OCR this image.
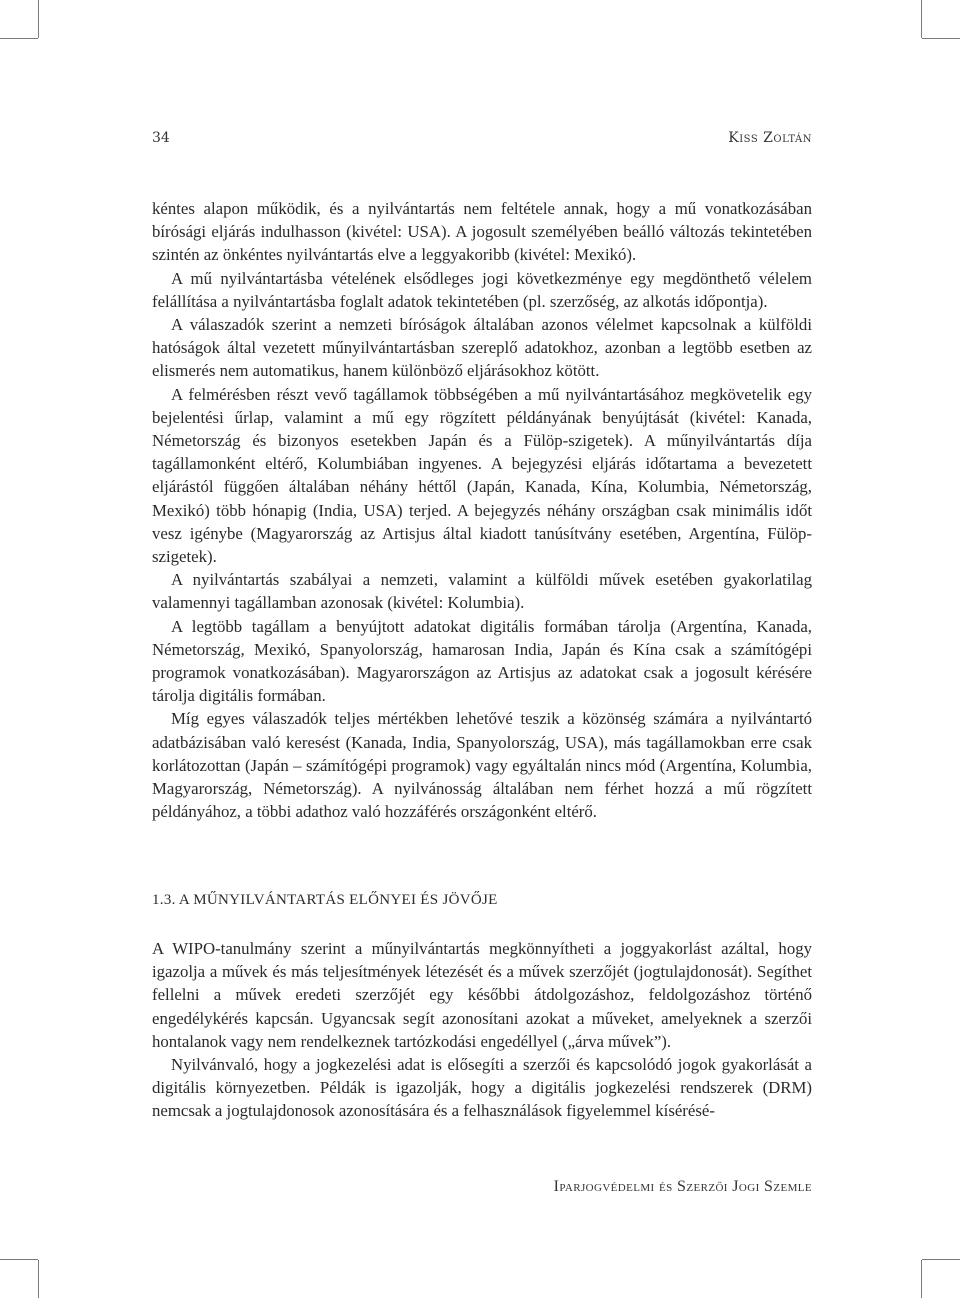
34	Kiss Zoltán

kéntes alapon működik, és a nyilvántartás nem feltétele annak, hogy a mű vonatkozásában bírósági eljárás indulhasson (kivétel: USA). A jogosult személyében beálló változás tekintetében szintén az önkéntes nyilvántartás elve a leggyakoribb (kivétel: Mexikó).

A mű nyilvántartásba vételének elsődleges jogi következménye egy megdönthető vélelem felállítása a nyilvántartásba foglalt adatok tekintetében (pl. szerzőség, az alkotás időpontja).

A válaszadók szerint a nemzeti bíróságok általában azonos vélelmet kapcsolnak a külföldi hatóságok által vezetett műnyilvántartásban szereplő adatokhoz, azonban a legtöbb esetben az elismerés nem automatikus, hanem különböző eljárásokhoz kötött.

A felmérésben részt vevő tagállamok többségében a mű nyilvántartásához megkövetelik egy bejelentési űrlap, valamint a mű egy rögzített példányának benyújtását (kivétel: Kanada, Németország és bizonyos esetekben Japán és a Fülöp-szigetek). A műnyilvántartás díja tagállamonként eltérő, Kolumbiában ingyenes. A bejegyzési eljárás időtartama a bevezetett eljárástól függően általában néhány héttől (Japán, Kanada, Kína, Kolumbia, Németország, Mexikó) több hónapig (India, USA) terjed. A bejegyzés néhány országban csak minimális időt vesz igénybe (Magyarország az Artisjus által kiadott tanúsítvány esetében, Argentína, Fülöp-szigetek).

A nyilvántartás szabályai a nemzeti, valamint a külföldi művek esetében gyakorlatilag valamennyi tagállamban azonosak (kivétel: Kolumbia).

A legtöbb tagállam a benyújtott adatokat digitális formában tárolja (Argentína, Kanada, Németország, Mexikó, Spanyolország, hamarosan India, Japán és Kína csak a számítógépi programok vonatkozásában). Magyarországon az Artisjus az adatokat csak a jogosult kérésére tárolja digitális formában.

Míg egyes válaszadók teljes mértékben lehetővé teszik a közönség számára a nyilvántartó adatbázisában való keresést (Kanada, India, Spanyolország, USA), más tagállamokban erre csak korlátozottan (Japán – számítógépi programok) vagy egyáltalán nincs mód (Argentína, Kolumbia, Magyarország, Németország). A nyilvánosság általában nem férhet hozzá a mű rögzített példányához, a többi adathoz való hozzáférés országonként eltérő.

1.3. A MŰNYILVÁNTARTÁS ELŐNYEI ÉS JÖVŐJE

A WIPO-tanulmány szerint a műnyilvántartás megkönnyítheti a joggyakorlást azáltal, hogy igazolja a művek és más teljesítmények létezését és a művek szerzőjét (jogtulajdonosát). Segíthet fellelni a művek eredeti szerzőjét egy későbbi átdolgozáshoz, feldolgozáshoz történő engedélykérés kapcsán. Ugyancsak segít azonosítani azokat a műveket, amelyeknek a szerzői hontalanok vagy nem rendelkeznek tartózkodási engedéllyel („árva művek”).

Nyilvánvaló, hogy a jogkezelési adat is elősegíti a szerzői és kapcsolódó jogok gyakorlását a digitális környezetben. Példák is igazolják, hogy a digitális jogkezelési rendszerek (DRM) nemcsak a jogtulajdonosok azonosítására és a felhasználások figyelemmel kísérésé-

Iparjogvédelmi és Szerzői Jogi Szemle
